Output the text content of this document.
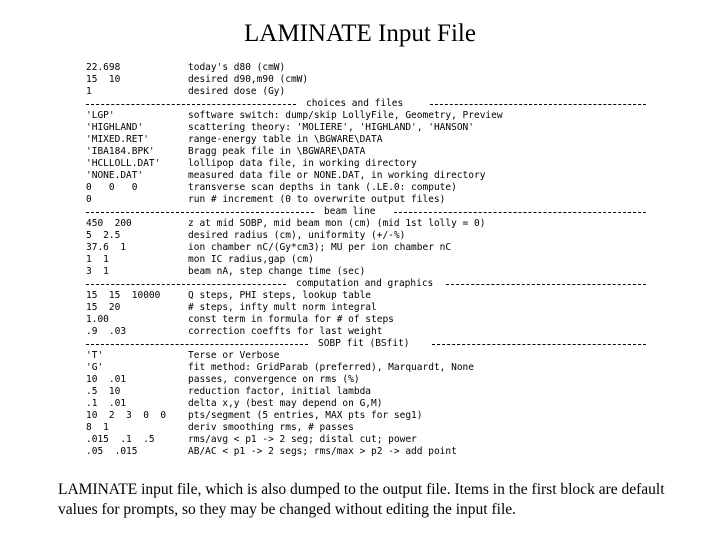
LAMINATE Input File
22.698	today's d80 (cmW)
15  10	desired d90,m90 (cmW)
1	desired dose (Gy)
choices and files
'LGP'	software switch: dump/skip LollyFile, Geometry, Preview
'HIGHLAND'	scattering theory: 'MOLIERE', 'HIGHLAND', 'HANSON'
'MIXED.RET'	range-energy table in \BGWARE\DATA
'IBA184.BPK'	Bragg peak file in \BGWARE\DATA
'HCLLOLL.DAT'	lollipop data file, in working directory
'NONE.DAT'	measured data file or NONE.DAT, in working directory
0   0   0	transverse scan depths in tank (.LE.0: compute)
0	run # increment (0 to overwrite output files)
beam line
450  200	z at mid SOBP, mid beam mon (cm) (mid 1st lolly = 0)
5  2.5	desired radius (cm), uniformity (+/-%)
37.6  1	ion chamber nC/(Gy*cm3); MU per ion chamber nC
1  1	mon IC radius,gap (cm)
3  1	beam nA, step change time (sec)
computation and graphics
15  15  10000	Q steps, PHI steps, lookup table
15  20	# steps, infty mult norm integral
1.00	const term in formula for # of steps
.9  .03	correction coeffts for last weight
SOBP fit (BSfit)
'T'	Terse or Verbose
'G'	fit method: GridParab (preferred), Marquardt, None
10  .01	passes, convergence on rms (%)
.5  10	reduction factor, initial lambda
.1  .01	delta x,y (best may depend on G,M)
10  2  3  0  0 pts/segment (5 entries, MAX pts for seg1)
8  1	deriv smoothing rms, # passes
.015  .1  .5	rms/avg < p1 -> 2 seg; distal cut; power
.05  .015	AB/AC < p1 -> 2 segs; rms/max > p2 -> add point
LAMINATE input file, which is also dumped to the output file. Items in the first block are default values for prompts, so they may be changed without editing the input file.
